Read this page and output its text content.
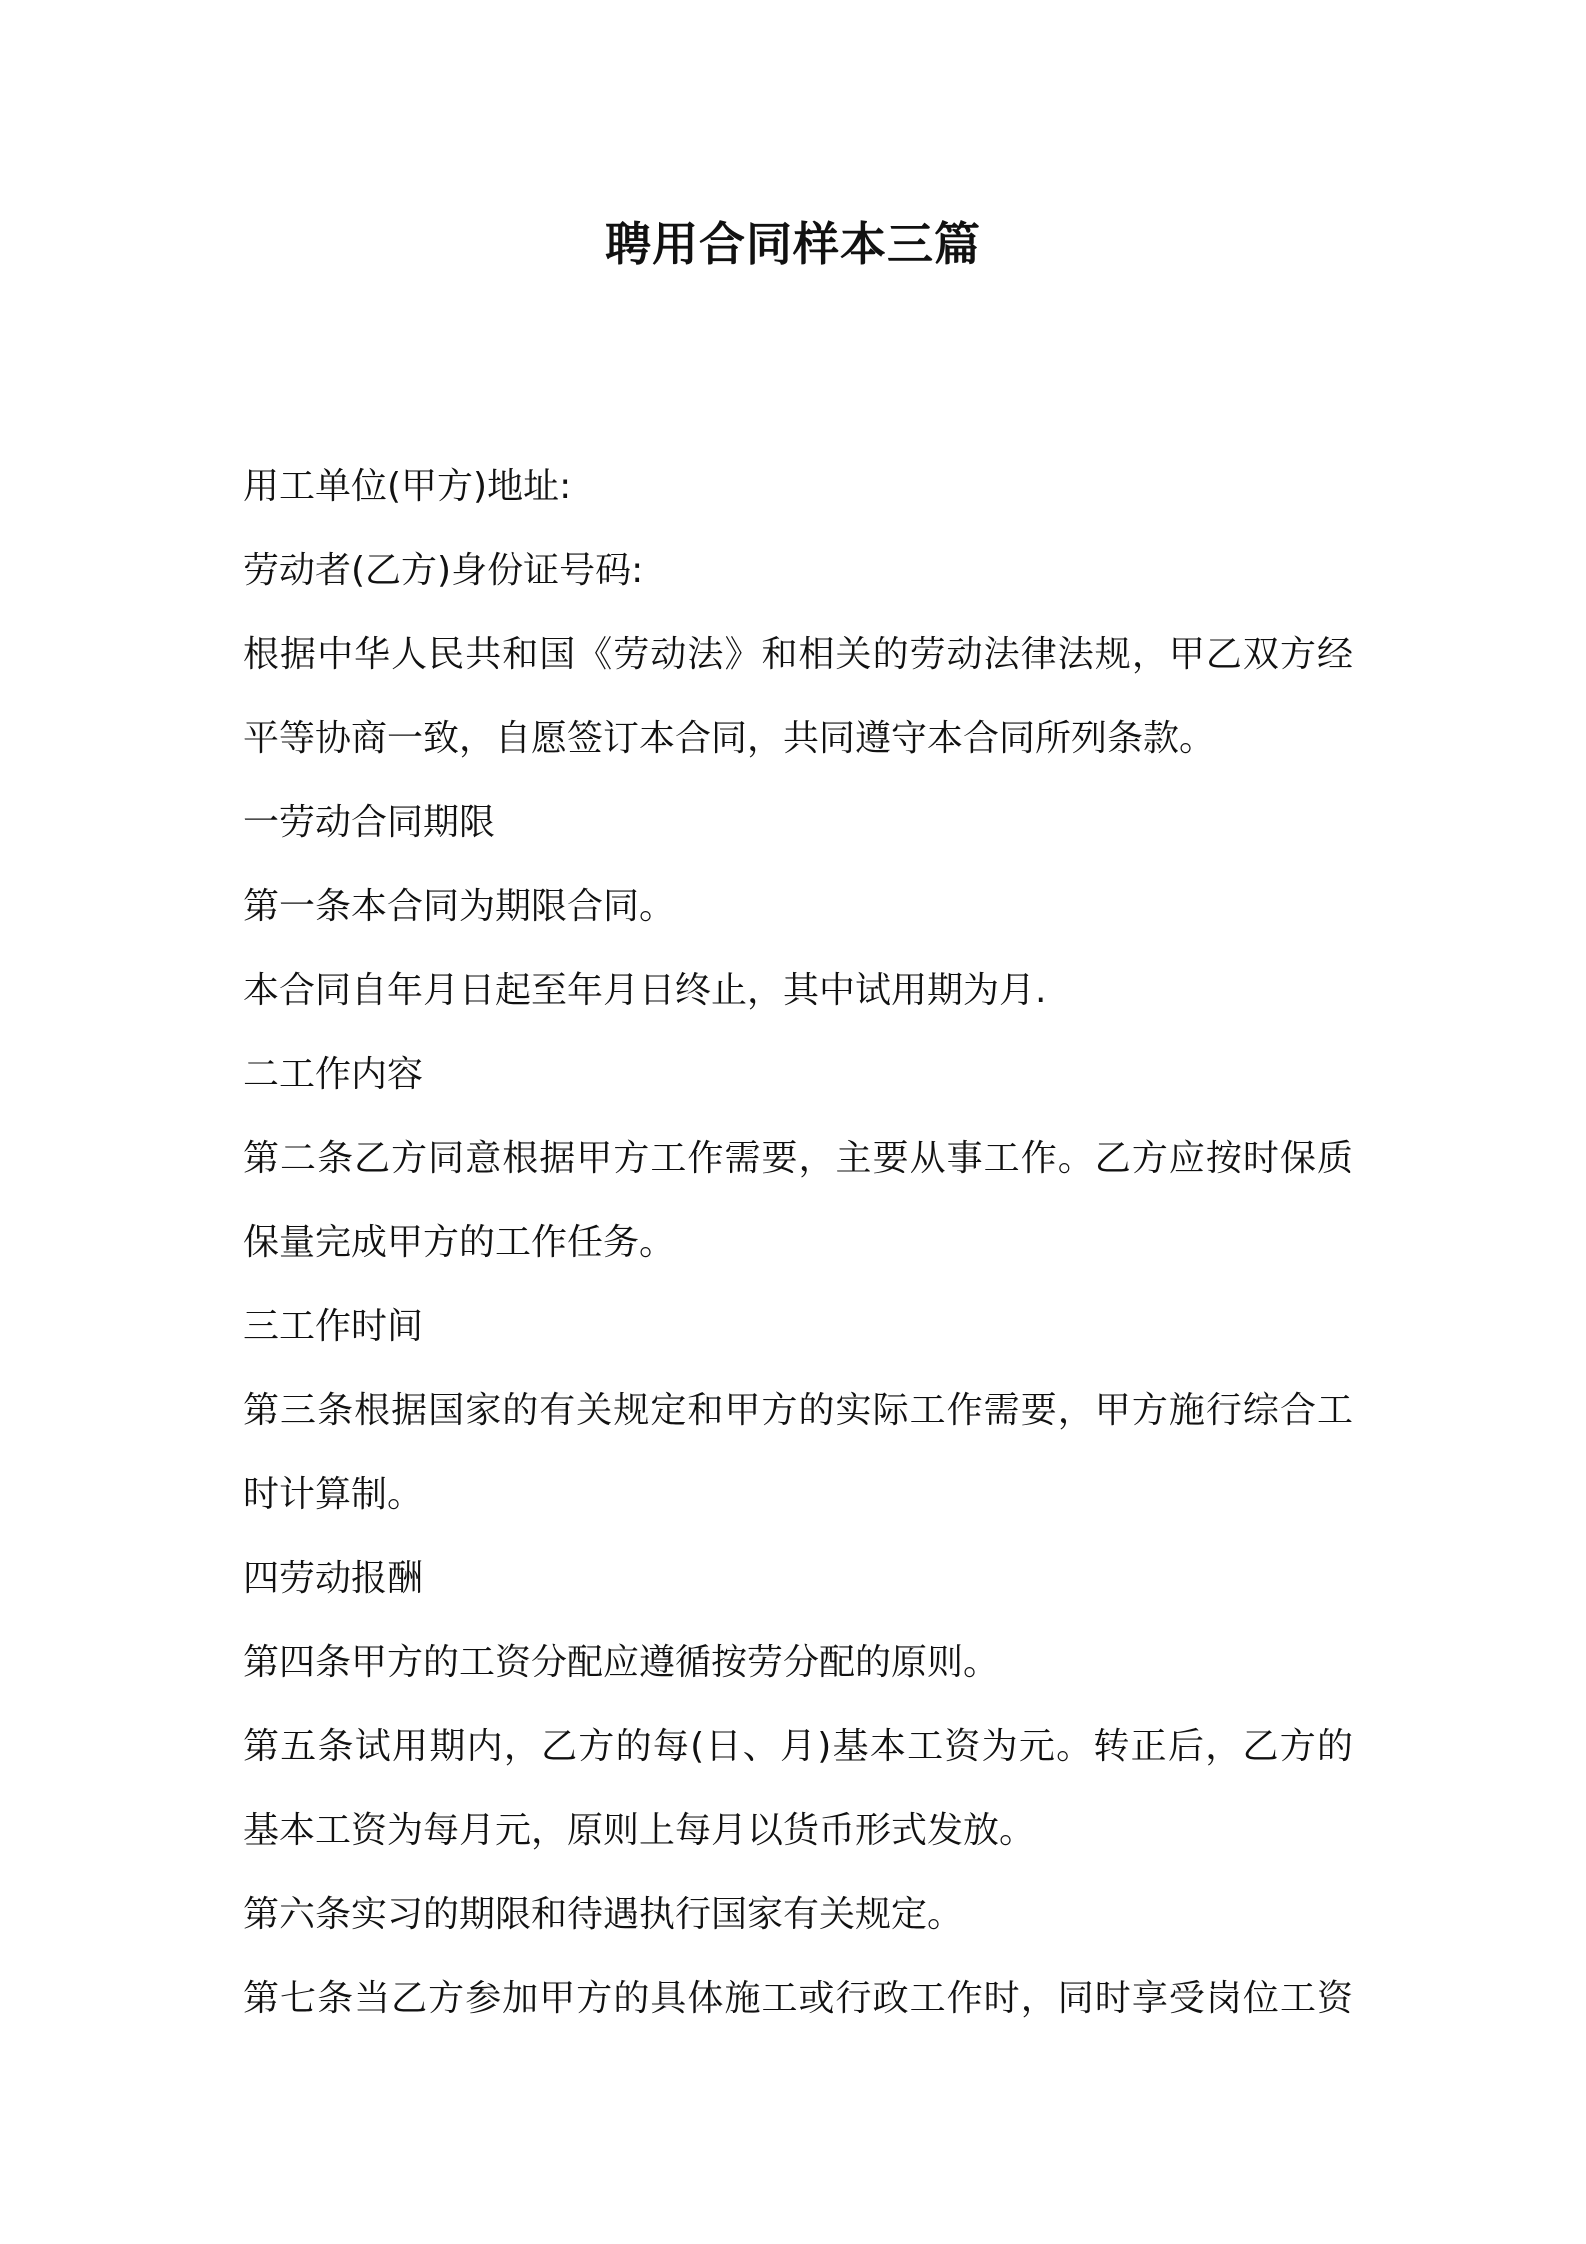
聘用合同样本三篇
用工单位(甲方)地址:
劳动者(乙方)身份证号码:
根据中华人民共和国《劳动法》和相关的劳动法律法规，甲乙双方经
平等协商一致，自愿签订本合同，共同遵守本合同所列条款。
一劳动合同期限
第一条本合同为期限合同。
本合同自年月日起至年月日终止，其中试用期为月.
二工作内容
第二条乙方同意根据甲方工作需要，主要从事工作。乙方应按时保质
保量完成甲方的工作任务。
三工作时间
第三条根据国家的有关规定和甲方的实际工作需要，甲方施行综合工
时计算制。
四劳动报酬
第四条甲方的工资分配应遵循按劳分配的原则。
第五条试用期内，乙方的每(日、月)基本工资为元。转正后，乙方的
基本工资为每月元，原则上每月以货币形式发放。
第六条实习的期限和待遇执行国家有关规定。
第七条当乙方参加甲方的具体施工或行政工作时，同时享受岗位工资
